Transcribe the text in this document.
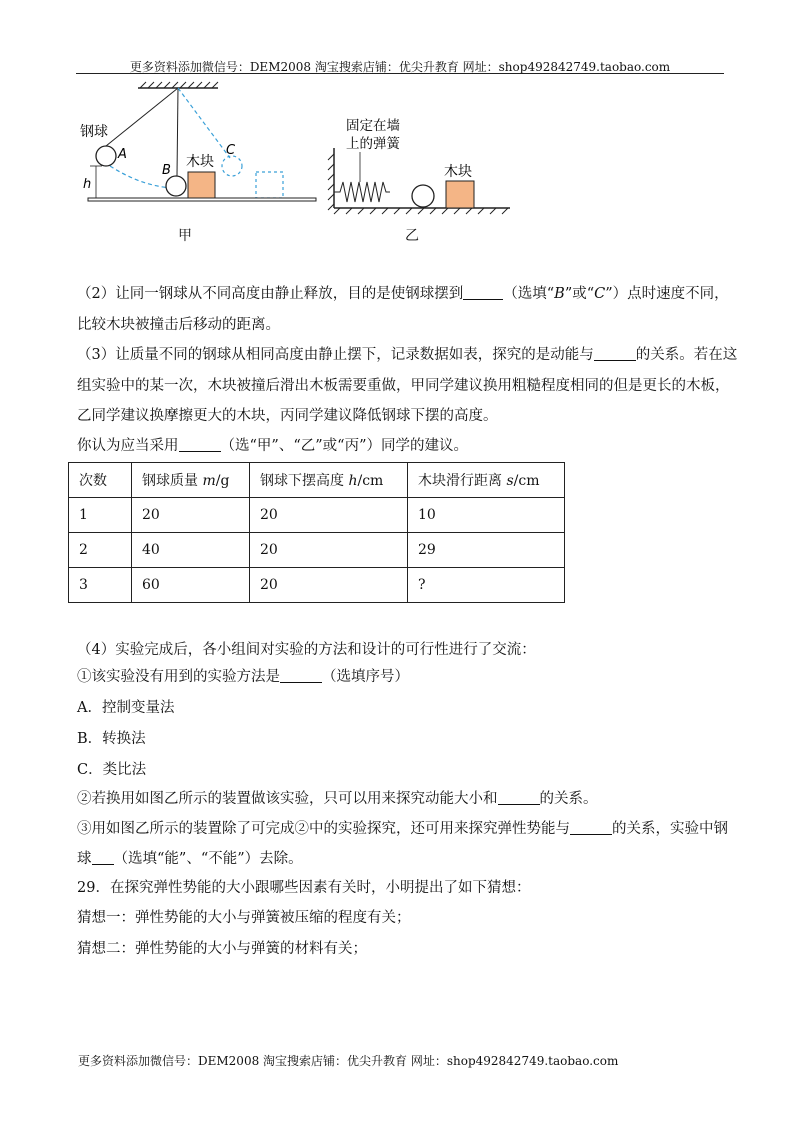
更多资料添加微信号：DEM2008 淘宝搜索店铺：优尖升教育 网址：shop492842749.taobao.com
h
钢球
A
B
C
木块
甲
固定在墙
上的弹簧
木块
乙
（2）让同一钢球从不同高度由静止释放，目的是使钢球摆到	（选填“B”或“C”）点时速度不同，
比较木块被撞击后移动的距离。
（3）让质量不同的钢球从相同高度由静止摆下，记录数据如表，探究的是动能与	的关系。若在这
组实验中的某一次，木块被撞后滑出木板需要重做，甲同学建议换用粗糙程度相同的但是更长的木板，
乙同学建议换摩擦更大的木块，丙同学建议降低钢球下摆的高度。
你认为应当采用	（选“甲”、“乙”或“丙”）同学的建议。
次数	钢球质量 m/g	钢球下摆高度 h/cm	木块滑行距离 s/cm
1	20	20	10
2	40	20	29
3	60	20	?
（4）实验完成后，各小组间对实验的方法和设计的可行性进行了交流：
①该实验没有用到的实验方法是	（选填序号）
A．控制变量法
B．转换法
C．类比法
②若换用如图乙所示的装置做该实验，只可以用来探究动能大小和	的关系。
③用如图乙所示的装置除了可完成②中的实验探究，还可用来探究弹性势能与	的关系，实验中钢
球 （选填“能”、“不能”）去除。
29．在探究弹性势能的大小跟哪些因素有关时，小明提出了如下猜想：
猜想一：弹性势能的大小与弹簧被压缩的程度有关；
猜想二：弹性势能的大小与弹簧的材料有关；
更多资料添加微信号：DEM2008 淘宝搜索店铺：优尖升教育 网址：shop492842749.taobao.com
